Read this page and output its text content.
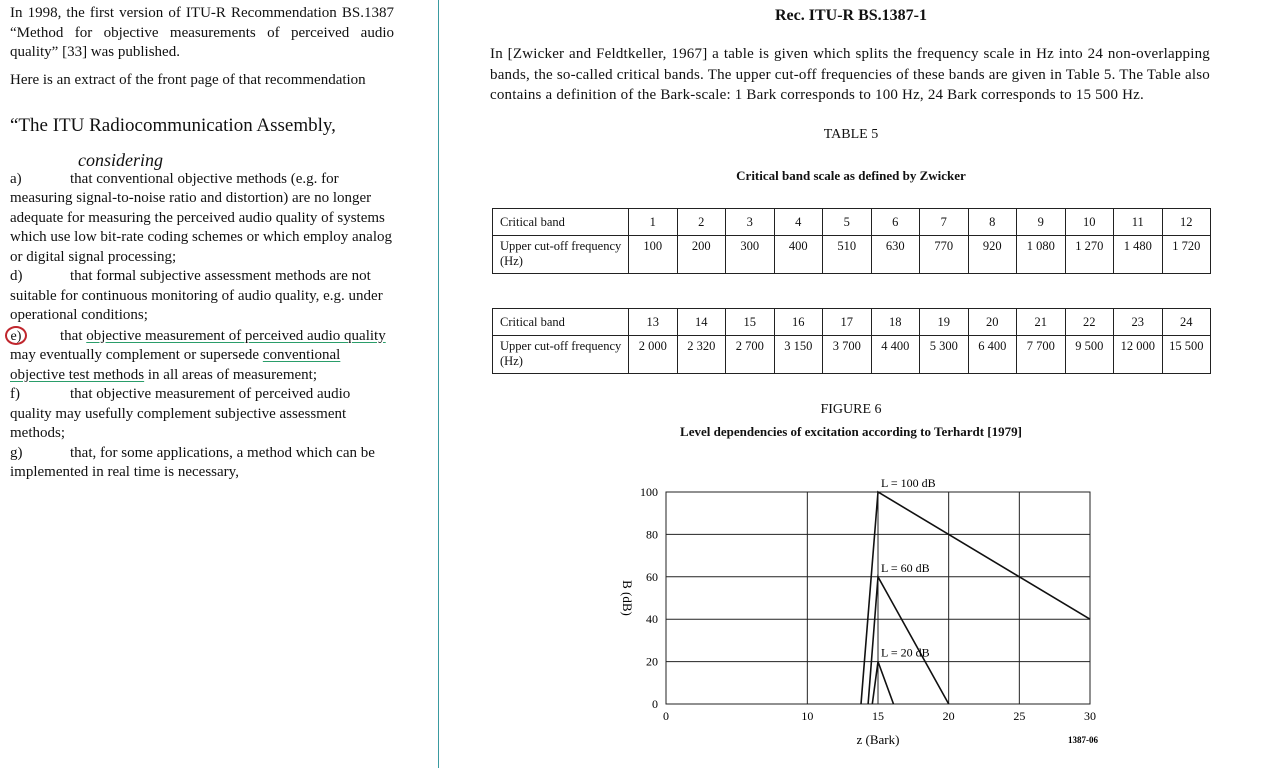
In 1998, the first version of ITU-R Recommendation BS.1387 “Method for objective measurements of perceived audio quality” [33] was published.

Here is an extract of the front page of that recommendation

“The ITU Radiocommunication Assembly,

considering

a)	that conventional objective methods (e.g. for measuring signal-to-noise ratio and distortion) are no longer adequate for measuring the perceived audio quality of systems which use low bit-rate coding schemes or which employ analog or digital signal processing;

d)	that formal subjective assessment methods are not suitable for continuous monitoring of audio quality, e.g. under operational conditions;

e)	that objective measurement of perceived audio quality may eventually complement or supersede conventional objective test methods in all areas of measurement;

f)	that objective measurement of perceived audio quality may usefully complement subjective assessment methods;

g)	that, for some applications, a method which can be implemented in real time is necessary,

Rec. ITU-R BS.1387-1
In [Zwicker and Feldtkeller, 1967] a table is given which splits the frequency scale in Hz into 24 non-overlapping bands, the so-called critical bands. The upper cut-off frequencies of these bands are given in Table 5. The Table also contains a definition of the Bark-scale: 1 Bark corresponds to 100 Hz, 24 Bark corresponds to 15 500 Hz.
TABLE 5
Critical band scale as defined by Zwicker
Critical band	1	2	3	4	5	6	7	8	9	10	11	12
Upper cut-off frequency (Hz)	100	200	300	400	510	630	770	920	1 080	1 270	1 480	1 720
Critical band	13	14	15	16	17	18	19	20	21	22	23	24
Upper cut-off frequency (Hz)	2 000	2 320	2 700	3 150	3 700	4 400	5 300	6 400	7 700	9 500	12 000	15 500
FIGURE 6
Level dependencies of excitation according to Terhardt [1979]
0	10	15	20	25	30
0
20
40
60
80
100
L = 100 dB
L = 60 dB
L = 20 dB
z (Bark)
B (dB)
1387-06
